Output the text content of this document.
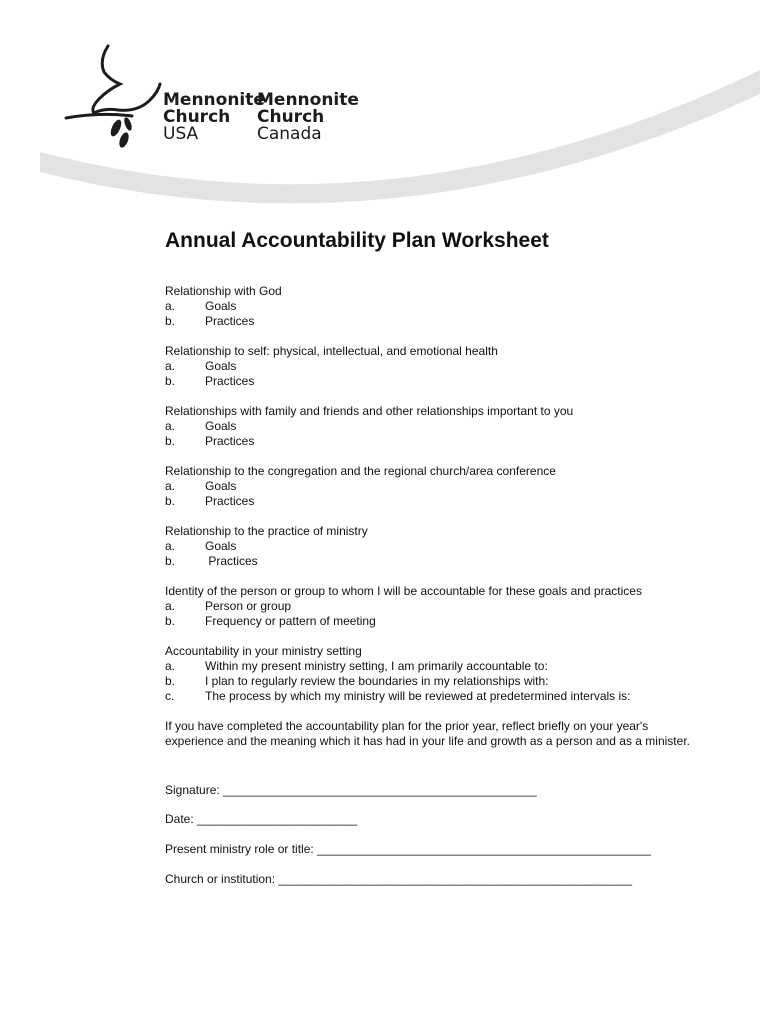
Mennonite
Church
USA
Mennonite
Church
Canada
Annual Accountability Plan Worksheet
Relationship with God
a.	Goals
b.	Practices
Relationship to self: physical, intellectual, and emotional health
a.	Goals
b.	Practices
Relationships with family and friends and other relationships important to you
a.	Goals
b.	Practices
Relationship to the congregation and the regional church/area conference
a.	Goals
b.	Practices
Relationship to the practice of ministry
a.	Goals
b.	Practices
Identity of the person or group to whom I will be accountable for these goals and practices
a.	Person or group
b.	Frequency or pattern of meeting
Accountability in your ministry setting
a.	Within my present ministry setting, I am primarily accountable to:
b.	I plan to regularly review the boundaries in my relationships with:
c.	The process by which my ministry will be reviewed at predetermined intervals is:
If you have completed the accountability plan for the prior year, reflect briefly on your year's experience and the meaning which it has had in your life and growth as a person and as a minister.
Signature: _______________________________________________
Date: ________________________
Present ministry role or title: __________________________________________________
Church or institution: _____________________________________________________
